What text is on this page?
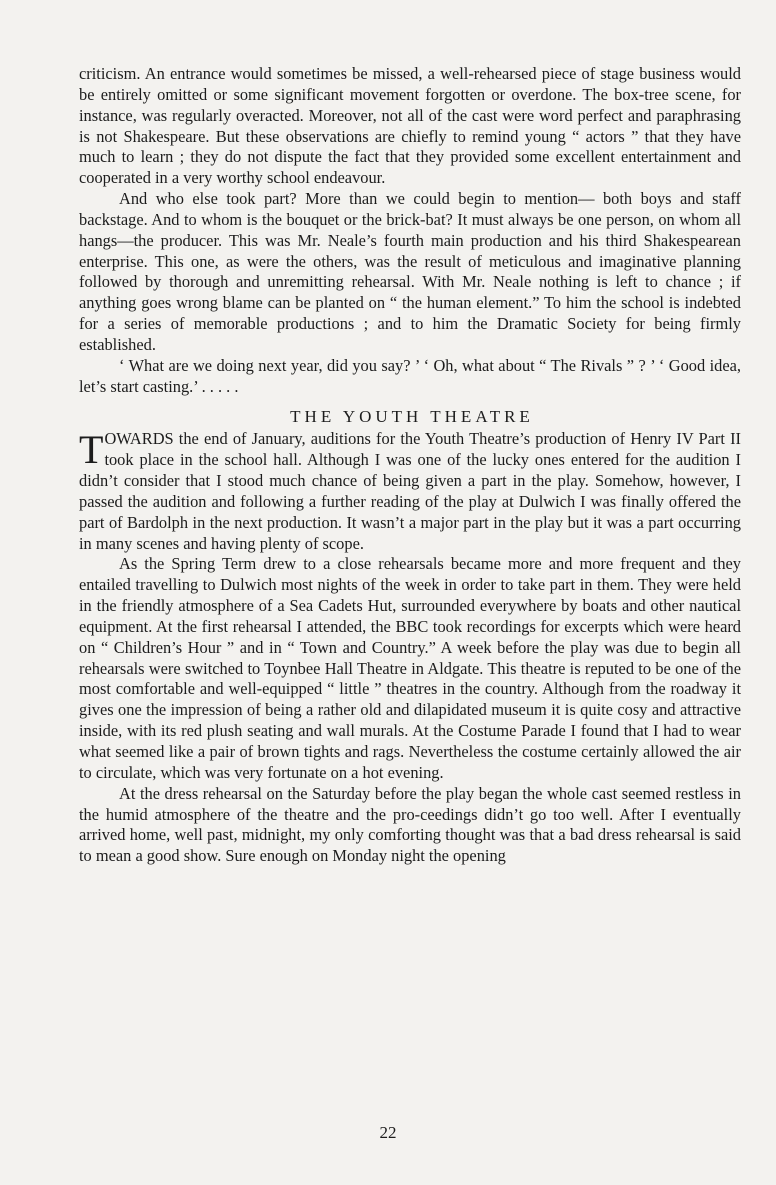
criticism. An entrance would sometimes be missed, a well-rehearsed piece of stage business would be entirely omitted or some significant movement forgotten or overdone. The box-tree scene, for instance, was regularly overacted. Moreover, not all of the cast were word perfect and paraphrasing is not Shakespeare. But these observations are chiefly to remind young “ actors ” that they have much to learn ; they do not dispute the fact that they provided some excellent entertainment and cooperated in a very worthy school endeavour.

And who else took part? More than we could begin to mention— both boys and staff backstage. And to whom is the bouquet or the brick-bat? It must always be one person, on whom all hangs—the producer. This was Mr. Neale’s fourth main production and his third Shakespearean enterprise. This one, as were the others, was the result of meticulous and imaginative planning followed by thorough and unremitting rehearsal. With Mr. Neale nothing is left to chance ; if anything goes wrong blame can be planted on “ the human element.” To him the school is indebted for a series of memorable productions ; and to him the Dramatic Society for being firmly established.

‘ What are we doing next year, did you say? ’ ‘ Oh, what about “ The Rivals ” ? ’ ‘ Good idea, let’s start casting.’ . . . . .

THE YOUTH THEATRE

TOWARDS the end of January, auditions for the Youth Theatre’s production of Henry IV Part II took place in the school hall. Although I was one of the lucky ones entered for the audition I didn’t consider that I stood much chance of being given a part in the play. Somehow, however, I passed the audition and following a further reading of the play at Dulwich I was finally offered the part of Bardolph in the next production. It wasn’t a major part in the play but it was a part occurring in many scenes and having plenty of scope.

As the Spring Term drew to a close rehearsals became more and more frequent and they entailed travelling to Dulwich most nights of the week in order to take part in them. They were held in the friendly atmosphere of a Sea Cadets Hut, surrounded everywhere by boats and other nautical equipment. At the first rehearsal I attended, the BBC took recordings for excerpts which were heard on “ Children’s Hour ” and in “ Town and Country.” A week before the play was due to begin all rehearsals were switched to Toynbee Hall Theatre in Aldgate. This theatre is reputed to be one of the most comfortable and well-equipped “ little ” theatres in the country. Although from the roadway it gives one the impression of being a rather old and dilapidated museum it is quite cosy and attractive inside, with its red plush seating and wall murals. At the Costume Parade I found that I had to wear what seemed like a pair of brown tights and rags. Nevertheless the costume certainly allowed the air to circulate, which was very fortunate on a hot evening.

At the dress rehearsal on the Saturday before the play began the whole cast seemed restless in the humid atmosphere of the theatre and the pro-ceedings didn’t go too well. After I eventually arrived home, well past, midnight, my only comforting thought was that a bad dress rehearsal is said to mean a good show. Sure enough on Monday night the opening

22
